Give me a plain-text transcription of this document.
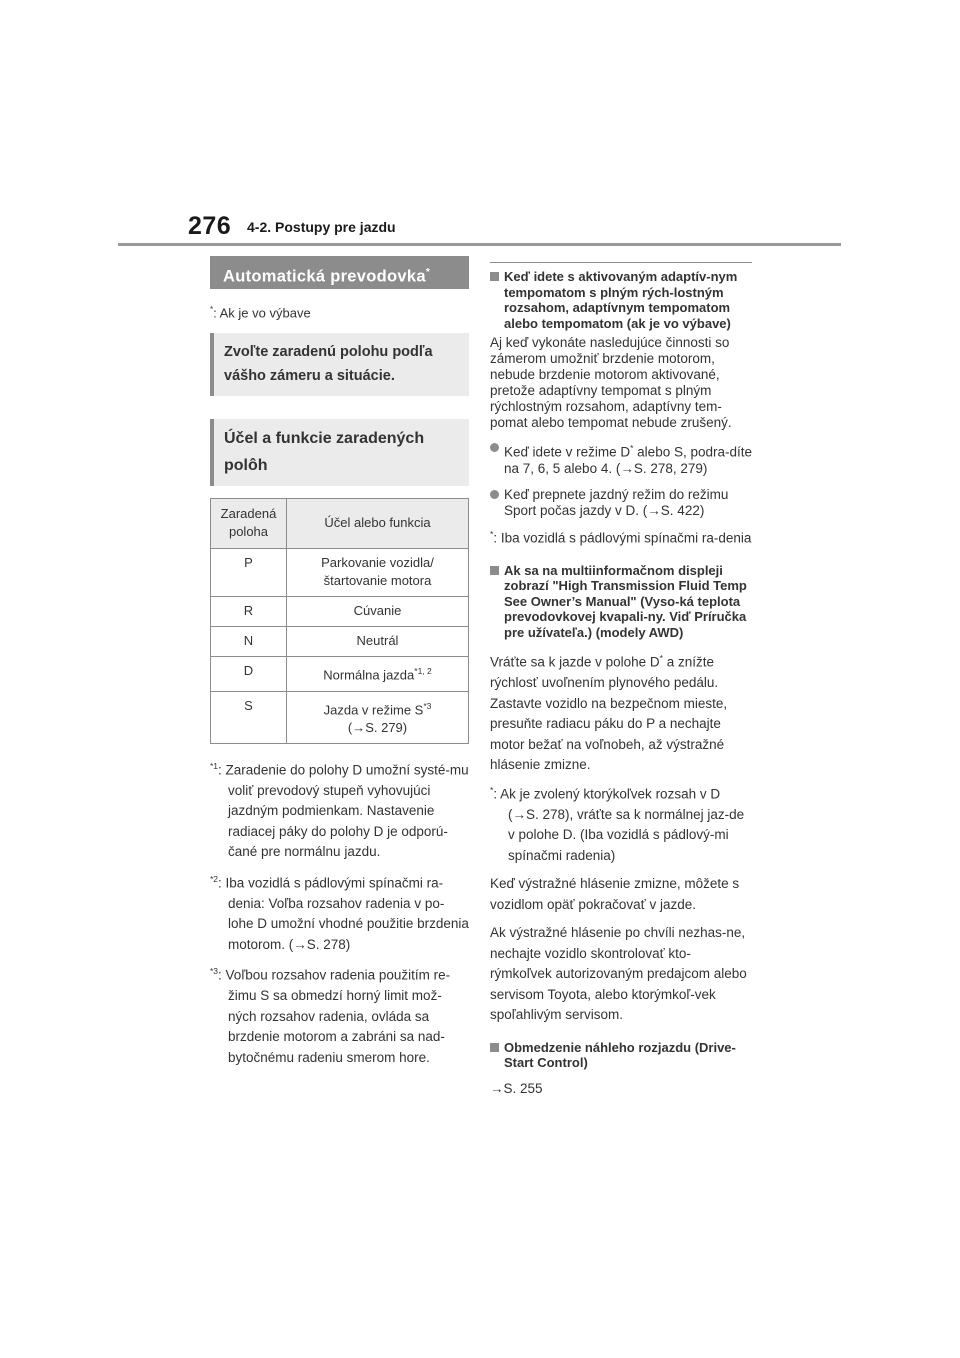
276 4-2. Postupy pre jazdu
Automatická prevodovka*
*: Ak je vo výbave
Zvoľte zaradenú polohu podľa vášho zámeru a situácie.
Účel a funkcie zaradených polôh
Zaradená poloha	Účel alebo funkcia
P	Parkovanie vozidla/ štartovanie motora
R	Cúvanie
N	Neutrál
D	Normálna jazda$^{*1, 2}$
S	Jazda v režime $S^{*3}$
(→S. 279)
$^{*1}$: Zaradenie do polohy D umožní systé-mu voliť prevodový stupeň vyhovujúci jazdným podmienkam. Nastavenie radiacej páky do polohy D je odporú-čané pre normálnu jazdu.
$^{*2}$: Iba vozidlá s pádlovými spínačmi ra-denia: Voľba rozsahov radenia v po-lohe D umožní vhodné použitie brzdenia motorom. (→S. 278)
$^{*3}$: Voľbou rozsahov radenia použitím re-žimu S sa obmedzí horný limit mož-ných rozsahov radenia, ovláda sa brzdenie motorom a zabráni sa nad-bytočnému radeniu smerom hore.
Keď idete s aktivovaným adaptív-nym tempomatom s plným rých-lostným rozsahom, adaptívnym tempomatom alebo tempomatom (ak je vo výbave)
Aj keď vykonáte nasledujúce činnosti so zámerom umožniť brzdenie motorom, nebude brzdenie motorom aktivované, pretože adaptívny tempomat s plným rýchlostným rozsahom, adaptívny tem-pomat alebo tempomat nebude zrušený.
Keď idete v režime D* alebo S, podra-díte na 7, 6, 5 alebo 4. (→S. 278, 279)
Keď prepnete jazdný režim do režimu Sport počas jazdy v D. (→S. 422)
*: Iba vozidlá s pádlovými spínačmi ra-denia
Ak sa na multiinformačnom displeji zobrazí "High Transmission Fluid Temp See Owner’s Manual" (Vyso-ká teplota prevodovkovej kvapali-ny. Viď Príručka pre užívateľa.) (modely AWD)
Vráťte sa k jazde v polohe D* a znížte rýchlosť uvoľnením plynového pedálu. Zastavte vozidlo na bezpečnom mieste, presuňte radiacu páku do P a nechajte motor bežať na voľnobeh, až výstražné hlásenie zmizne.
*: Ak je zvolený ktorýkoľvek rozsah v D (→S. 278), vráťte sa k normálnej jaz-de v polohe D. (Iba vozidlá s pádlový-mi spínačmi radenia)
Keď výstražné hlásenie zmizne, môžete s vozidlom opäť pokračovať v jazde.
Ak výstražné hlásenie po chvíli nezhas-ne, nechajte vozidlo skontrolovať kto-rýmkoľvek autorizovaným predajcom alebo servisom Toyota, alebo ktorýmkoľ-vek spoľahlivým servisom.
Obmedzenie náhleho rozjazdu (Drive-Start Control)
→S. 255
